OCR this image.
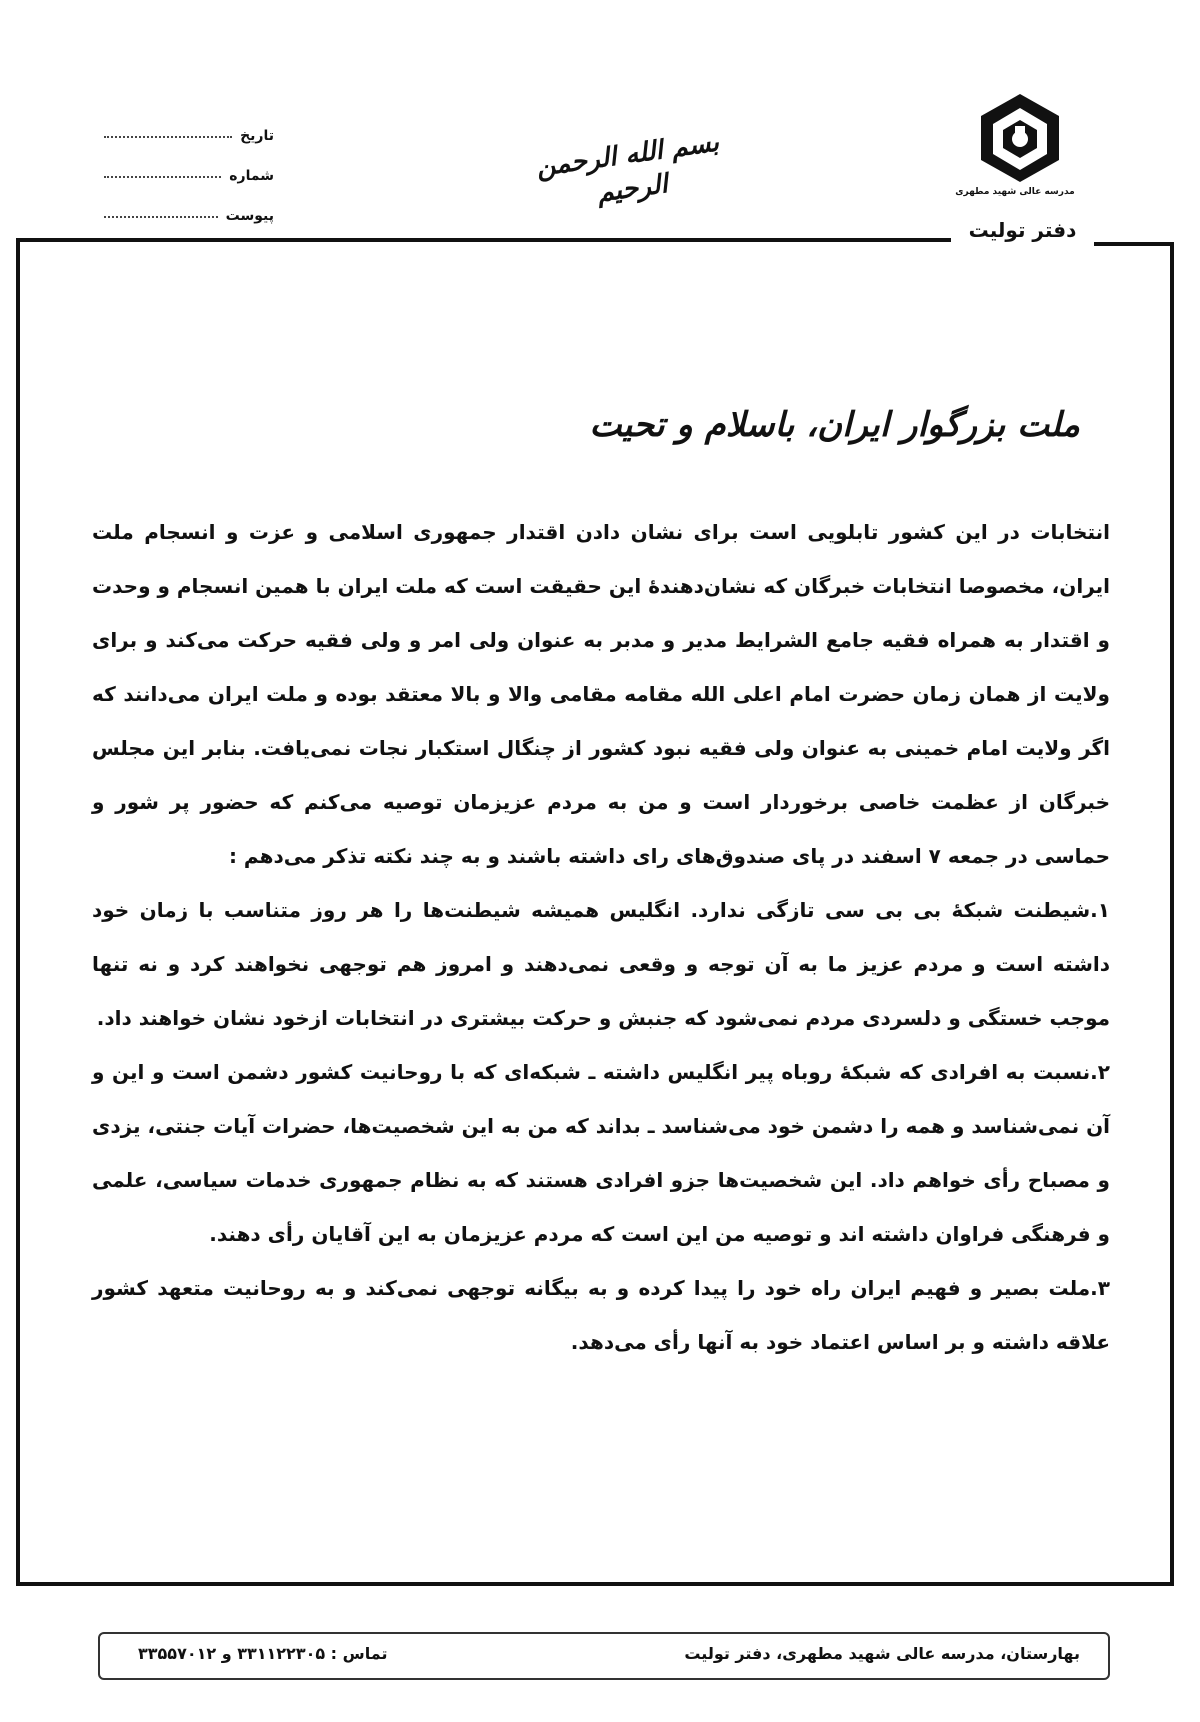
تاریخ
شماره
پیوست
بسم الله الرحمن الرحیم	مدرسه عالی شهید مطهری
دفتر تولیت
ملت بزرگوار ایران، باسلام و تحیت

انتخابات در این کشور تابلویی است برای نشان دادن اقتدار جمهوری اسلامی و عزت و انسجام ملت ایران، مخصوصا انتخابات خبرگان که نشان‌دهندۀ این حقیقت است که ملت ایران با همین انسجام و وحدت و اقتدار به همراه فقیه جامع الشرایط مدیر و مدبر به عنوان ولی امر و ولی فقیه حرکت می‌کند و برای ولایت از همان زمان حضرت امام اعلی الله مقامه مقامی والا و بالا معتقد بوده و ملت ایران می‌دانند که اگر ولایت امام خمینی به عنوان ولی فقیه نبود کشور از چنگال استکبار نجات نمی‌یافت. بنابر این مجلس خبرگان از عظمت خاصی برخوردار است و من به مردم عزیزمان توصیه می‌کنم که حضور پر شور و حماسی در جمعه ۷ اسفند در پای صندوق‌های رای داشته باشند و به چند نکته تذکر می‌دهم :

۱.شیطنت شبکۀ بی بی سی تازگی ندارد. انگلیس همیشه شیطنت‌ها را هر روز متناسب با زمان خود داشته است و مردم عزیز ما به آن توجه و وقعی نمی‌دهند و امروز هم توجهی نخواهند کرد و نه تنها موجب خستگی و دلسردی مردم نمی‌شود که جنبش و حرکت بیشتری در انتخابات ازخود نشان خواهند داد.

۲.نسبت به افرادی که شبکۀ روباه پیر انگلیس داشته ـ شبکه‌ای که با روحانیت کشور دشمن است و این و آن نمی‌شناسد و همه را دشمن خود می‌شناسد ـ بداند که من به این شخصیت‌ها، حضرات آیات جنتی، یزدی و مصباح رأی خواهم داد. این شخصیت‌ها جزو افرادی هستند که به نظام جمهوری خدمات سیاسی، علمی و فرهنگی فراوان داشته اند و توصیه من این است که مردم عزیزمان به این آقایان رأی دهند.

۳.ملت بصیر و فهیم ایران راه خود را پیدا کرده و به بیگانه توجهی نمی‌کند و به روحانیت متعهد کشور علاقه داشته و بر اساس اعتماد خود به آنها رأی می‌دهد.

بهارستان، مدرسه عالی شهید مطهری، دفتر تولیت
تماس : ۳۳۱۱۲۲۳۰۵ و ۳۳۵۵۷۰۱۲
